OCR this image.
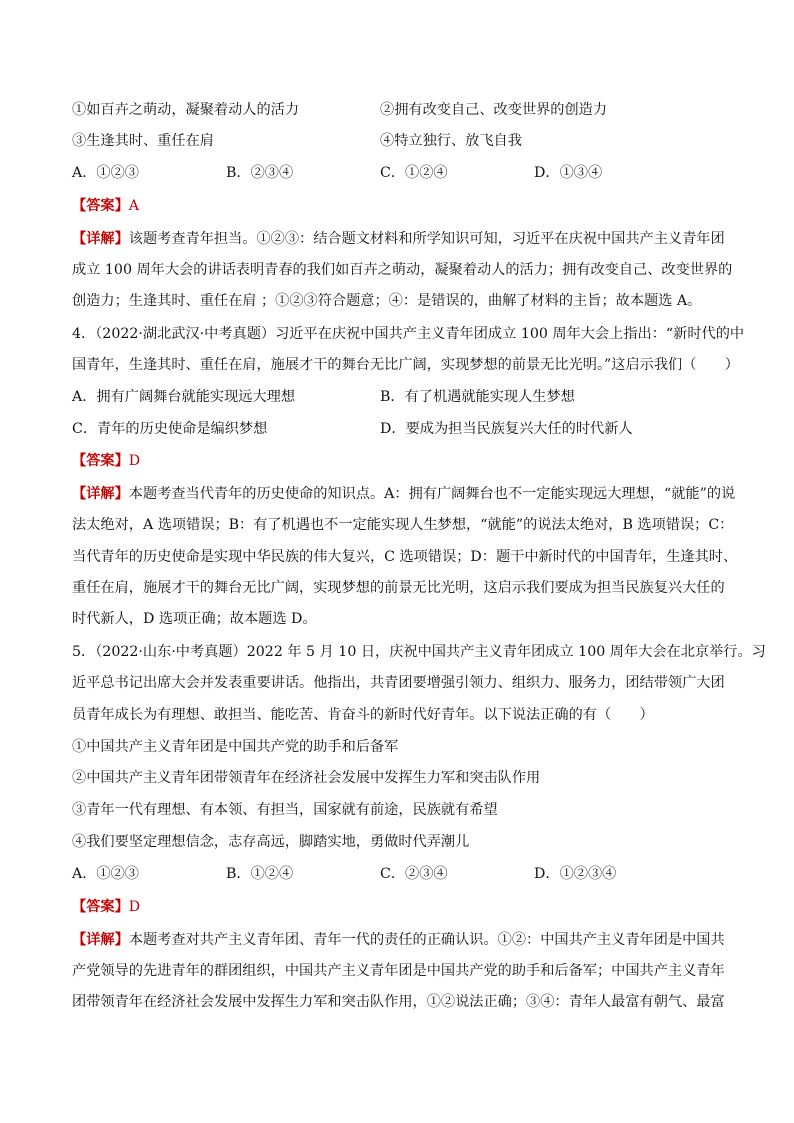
①如百卉之萌动，凝聚着动人的活力	②拥有改变自己、改变世界的创造力
③生逢其时、重任在肩	④特立独行、放飞自我
A．①②③	B．②③④	C．①②④	D．①③④
【答案】A
【详解】该题考查青年担当。①②③：结合题文材料和所学知识可知，习近平在庆祝中国共产主义青年团
成立 100 周年大会的讲话表明青春的我们如百卉之萌动，凝聚着动人的活力；拥有改变自己、改变世界的
创造力；生逢其时、重任在肩 ；①②③符合题意；④：是错误的，曲解了材料的主旨；故本题选 A。
4．（2022·湖北武汉·中考真题）习近平在庆祝中国共产主义青年团成立 100 周年大会上指出：“新时代的中
国青年，生逢其时、重任在肩，施展才干的舞台无比广阔，实现梦想的前景无比光明。”这启示我们（　　）
A．拥有广阔舞台就能实现远大理想	B．有了机遇就能实现人生梦想
C．青年的历史使命是编织梦想	D．要成为担当民族复兴大任的时代新人
【答案】D
【详解】本题考查当代青年的历史使命的知识点。A：拥有广阔舞台也不一定能实现远大理想，“就能”的说
法太绝对，A 选项错误；B：有了机遇也不一定能实现人生梦想，“就能”的说法太绝对，B 选项错误；C：
当代青年的历史使命是实现中华民族的伟大复兴，C 选项错误；D：题干中新时代的中国青年，生逢其时、
重任在肩，施展才干的舞台无比广阔，实现梦想的前景无比光明，这启示我们要成为担当民族复兴大任的
时代新人，D 选项正确；故本题选 D。
5．（2022·山东·中考真题）2022 年 5 月 10 日，庆祝中国共产主义青年团成立 100 周年大会在北京举行。习
近平总书记出席大会并发表重要讲话。他指出，共青团要增强引领力、组织力、服务力，团结带领广大团
员青年成长为有理想、敢担当、能吃苦、肯奋斗的新时代好青年。以下说法正确的有（　　）
①中国共产主义青年团是中国共产党的助手和后备军
②中国共产主义青年团带领青年在经济社会发展中发挥生力军和突击队作用
③青年一代有理想、有本领、有担当，国家就有前途，民族就有希望
④我们要坚定理想信念，志存高远，脚踏实地，勇做时代弄潮儿
A．①②③	B．①②④	C．②③④	D．①②③④
【答案】D
【详解】本题考查对共产主义青年团、青年一代的责任的正确认识。①②：中国共产主义青年团是中国共
产党领导的先进青年的群团组织，中国共产主义青年团是中国共产党的助手和后备军；中国共产主义青年
团带领青年在经济社会发展中发挥生力军和突击队作用，①②说法正确；③④：青年人最富有朝气、最富
